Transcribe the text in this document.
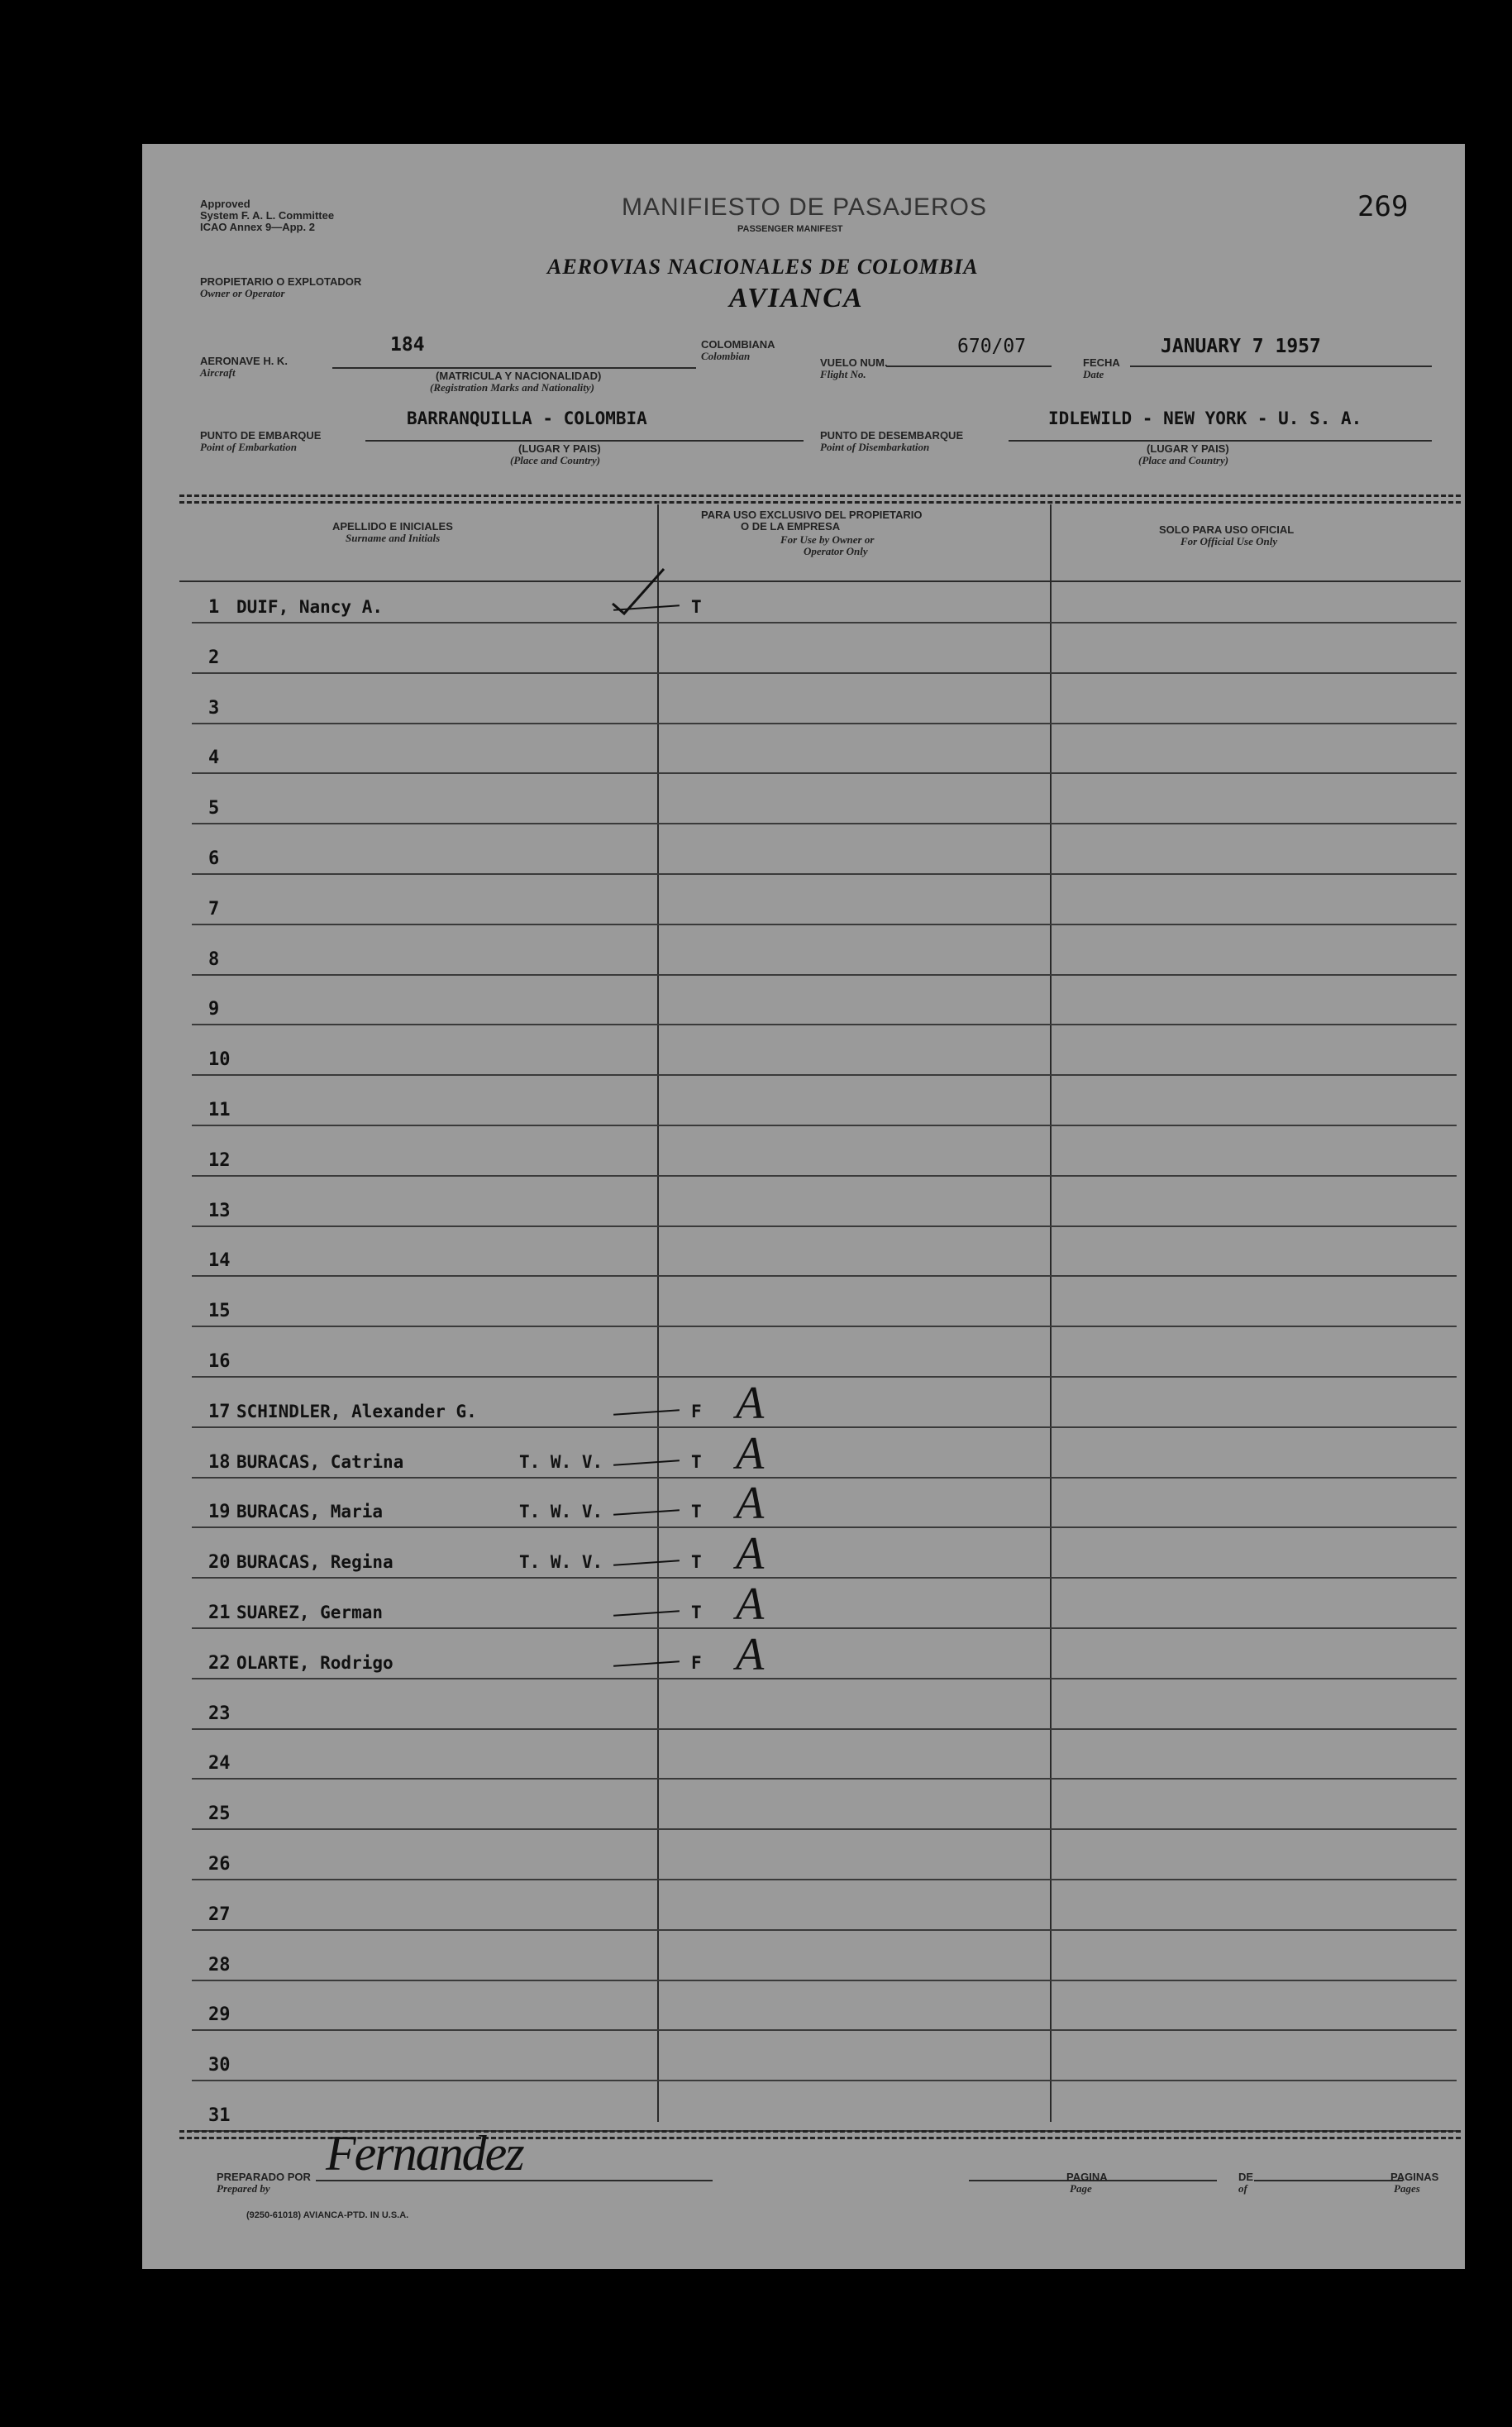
Approved
System F. A. L. Committee
ICAO Annex 9—App. 2
MANIFIESTO DE PASAJEROS
PASSENGER MANIFEST
269
PROPIETARIO O EXPLOTADOR
Owner or Operator
AEROVIAS NACIONALES DE COLOMBIA
AVIANCA
AERONAVE H. K.
Aircraft
184
(MATRICULA Y NACIONALIDAD)
(Registration Marks and Nationality)
COLOMBIANA
Colombian
VUELO NUM.
Flight No.
670/07
FECHA
Date
JANUARY 7 1957
PUNTO DE EMBARQUE
Point of Embarkation
BARRANQUILLA - COLOMBIA
(LUGAR Y PAIS)
(Place and Country)
PUNTO DE DESEMBARQUE
Point of Disembarkation
IDLEWILD - NEW YORK - U. S. A.
(LUGAR Y PAIS)
(Place and Country)
APELLIDO E INICIALES
Surname and Initials
PARA USO EXCLUSIVO DEL PROPIETARIO
O DE LA EMPRESA
For Use by Owner or
Operator Only
SOLO PARA USO OFICIAL
For Official Use Only
1 DUIF, Nancy A.	T
2
3
4
5
6
7
8
9
10
11
12
13
14
15
16
17 SCHINDLER, Alexander G.	F A
18 BURACAS, Catrina	T. W. V.	T A
19 BURACAS, Maria	T. W. V.	T A
20 BURACAS, Regina	T. W. V.	T A
21 SUAREZ, German	T A
22 OLARTE, Rodrigo	F A
23
24
25
26
27
28
29
30
31
PREPARADO POR
Prepared by
Fernandez	PAGINA
Page
DE
of
PAGINAS
Pages
(9250-61018) AVIANCA-PTD. IN U.S.A.
